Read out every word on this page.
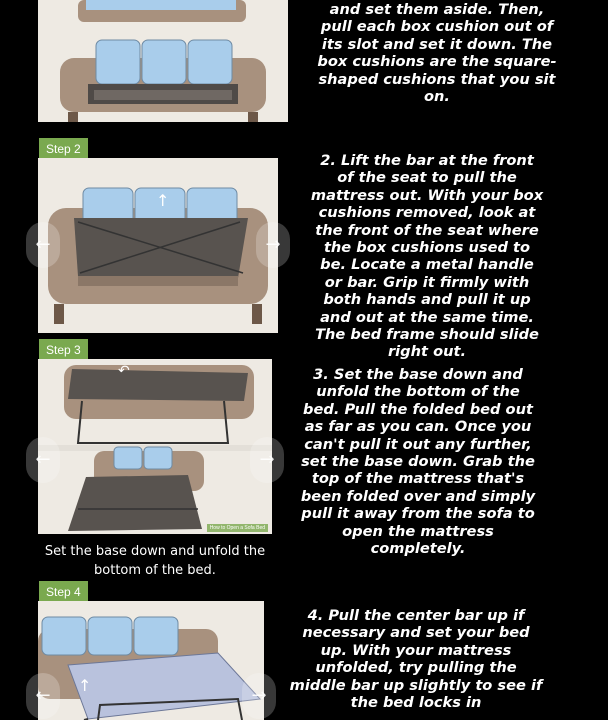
and set them aside. Then, pull each box cushion out of its slot and set it down. The box cushions are the square-shaped cushions that you sit on.

Step 2
↑
←	→

2. Lift the bar at the front of the seat to pull the mattress out. With your box cushions removed, look at the front of the seat where the box cushions used to be. Locate a metal handle or bar. Grip it firmly with both hands and pull it up and out at the same time. The bed frame should slide right out.

Step 3
↶
←	→
How to Open a Sofa Bed

Set the base down and unfold the bottom of the bed.

3. Set the base down and unfold the bottom of the bed. Pull the folded bed out as far as you can. Once you can't pull it out any further, set the base down. Grab the top of the mattress that's been folded over and simply pull it away from the sofa to open the mattress completely.

Step 4
↑
←	→

4. Pull the center bar up if necessary and set your bed up. With your mattress unfolded, try pulling the middle bar up slightly to see if the bed locks in
